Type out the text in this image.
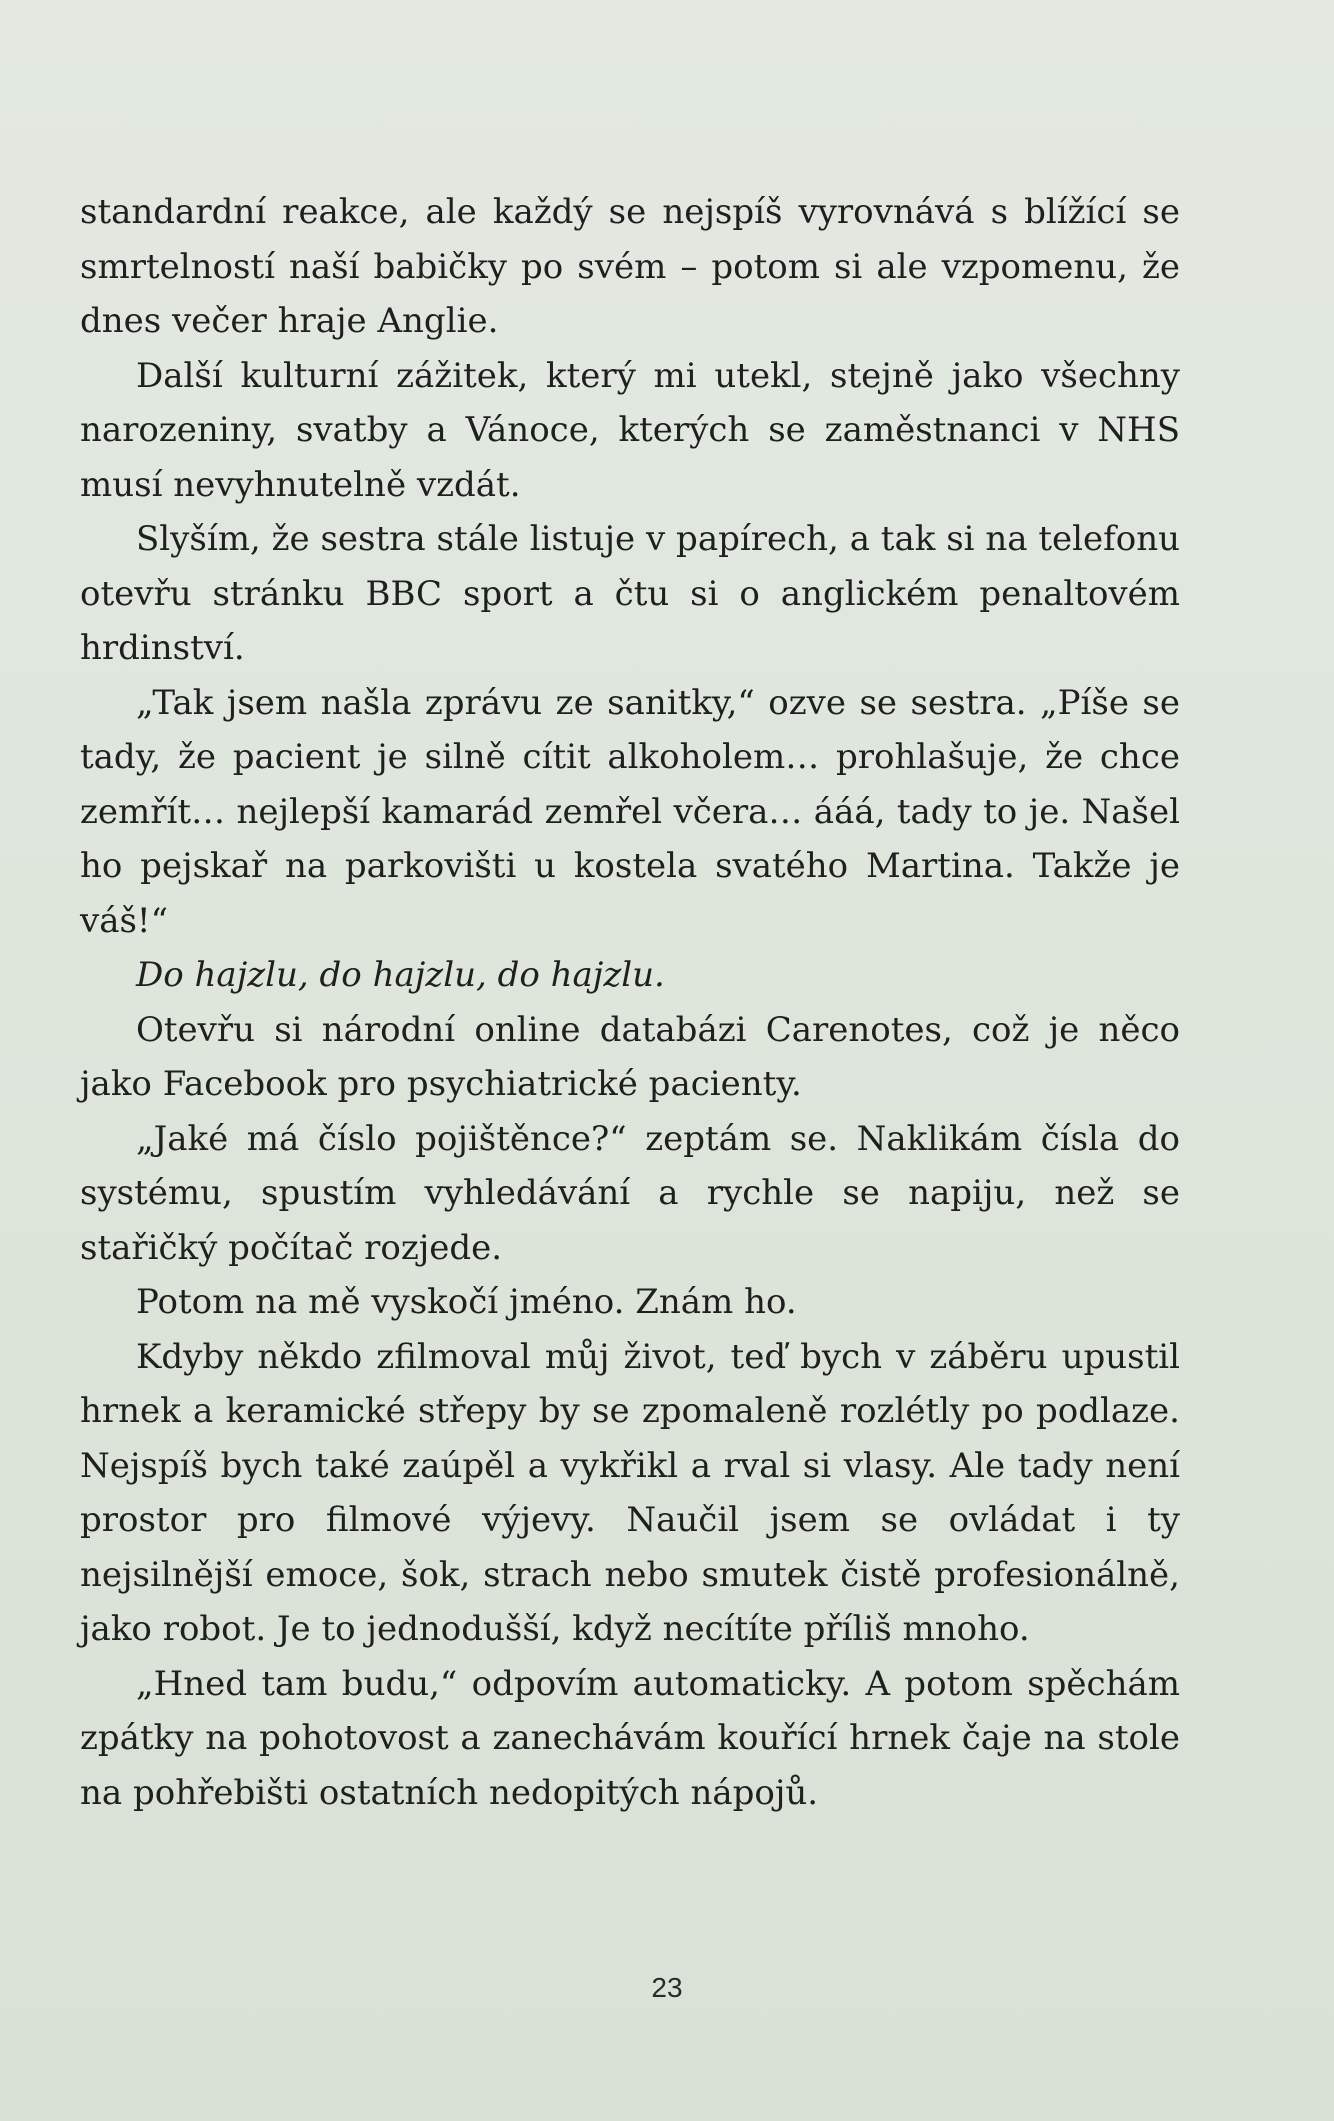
standardní reakce, ale každý se nejspíš vyrovnává s blížící se smrtelností naší babičky po svém – potom si ale vzpomenu, že dnes večer hraje Anglie.

Další kulturní zážitek, který mi utekl, stejně jako všechny narozeniny, svatby a Vánoce, kterých se zaměstnanci v NHS musí nevyhnutelně vzdát.

Slyším, že sestra stále listuje v papírech, a tak si na telefonu otevřu stránku BBC sport a čtu si o anglickém penaltovém hrdinství.

„Tak jsem našla zprávu ze sanitky,“ ozve se sestra. „Píše se tady, že pacient je silně cítit alkoholem… prohlašuje, že chce zemřít… nejlepší kamarád zemřel včera… ááá, tady to je. Našel ho pejskař na parkovišti u kostela svatého Martina. Takže je váš!“

Do hajzlu, do hajzlu, do hajzlu.

Otevřu si národní online databázi Carenotes, což je něco jako Facebook pro psychiatrické pacienty.

„Jaké má číslo pojištěnce?“ zeptám se. Naklikám čísla do systému, spustím vyhledávání a rychle se napiju, než se stařičký počítač rozjede.

Potom na mě vyskočí jméno. Znám ho.

Kdyby někdo zfilmoval můj život, teď bych v záběru upustil hrnek a keramické střepy by se zpomaleně rozlétly po podlaze. Nejspíš bych také zaúpěl a vykřikl a rval si vlasy. Ale tady není prostor pro filmové výjevy. Naučil jsem se ovládat i ty nejsilnější emoce, šok, strach nebo smutek čistě profesionálně, jako robot. Je to jednodušší, když necítíte příliš mnoho.

„Hned tam budu,“ odpovím automaticky. A potom spěchám zpátky na pohotovost a zanechávám kouřící hrnek čaje na stole na pohřebišti ostatních nedopitých nápojů.

23
